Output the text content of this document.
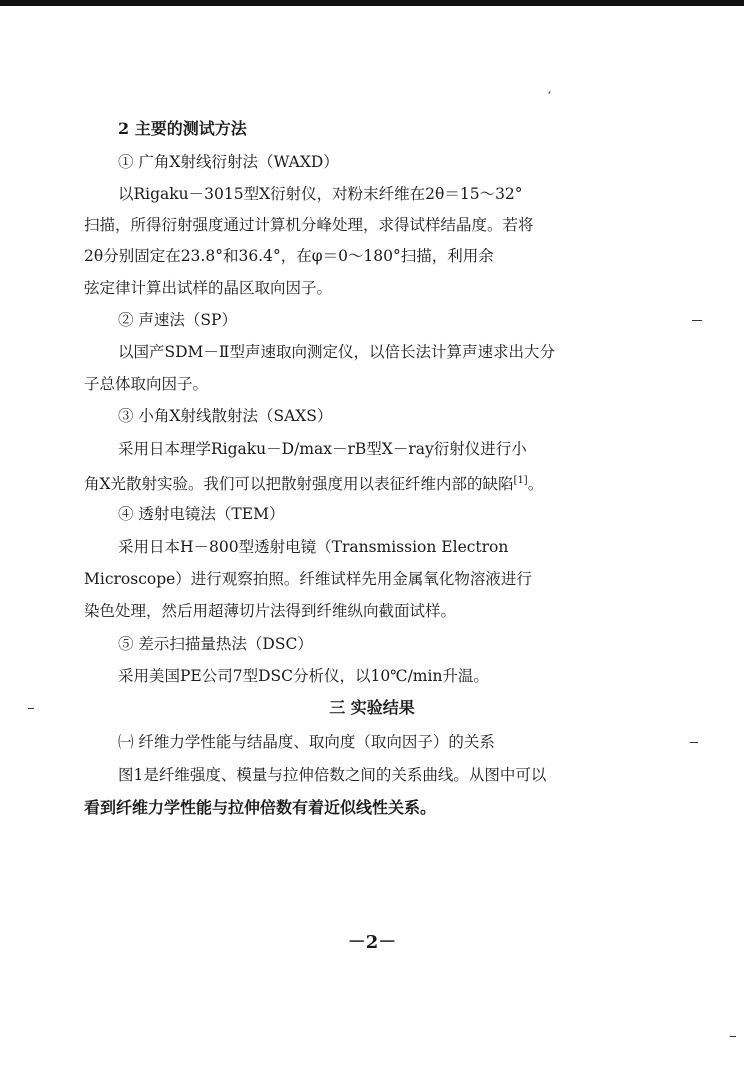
2 主要的测试方法
① 广角X射线衍射法（WAXD）
以Rigaku－3015型X衍射仪，对粉末纤维在2θ＝15～32°
扫描，所得衍射强度通过计算机分峰处理，求得试样结晶度。若将
2θ分别固定在23.8°和36.4°，在φ＝0～180°扫描，利用余
弦定律计算出试样的晶区取向因子。
② 声速法（SP）
以国产SDM－Ⅱ型声速取向测定仪，以倍长法计算声速求出大分
子总体取向因子。
③ 小角X射线散射法（SAXS）
采用日本理学Rigaku－D/max－rB型X－ray衍射仪进行小
角X光散射实验。我们可以把散射强度用以表征纤维内部的缺陷[1]。
④ 透射电镜法（TEM）
采用日本H－800型透射电镜（Transmission Electron
Microscope）进行观察拍照。纤维试样先用金属氧化物溶液进行
染色处理，然后用超薄切片法得到纤维纵向截面试样。
⑤ 差示扫描量热法（DSC）
采用美国PE公司7型DSC分析仪，以10℃/min升温。
三 实验结果
㈠ 纤维力学性能与结晶度、取向度（取向因子）的关系
图1是纤维强度、模量与拉伸倍数之间的关系曲线。从图中可以
看到纤维力学性能与拉伸倍数有着近似线性关系。
－2－
